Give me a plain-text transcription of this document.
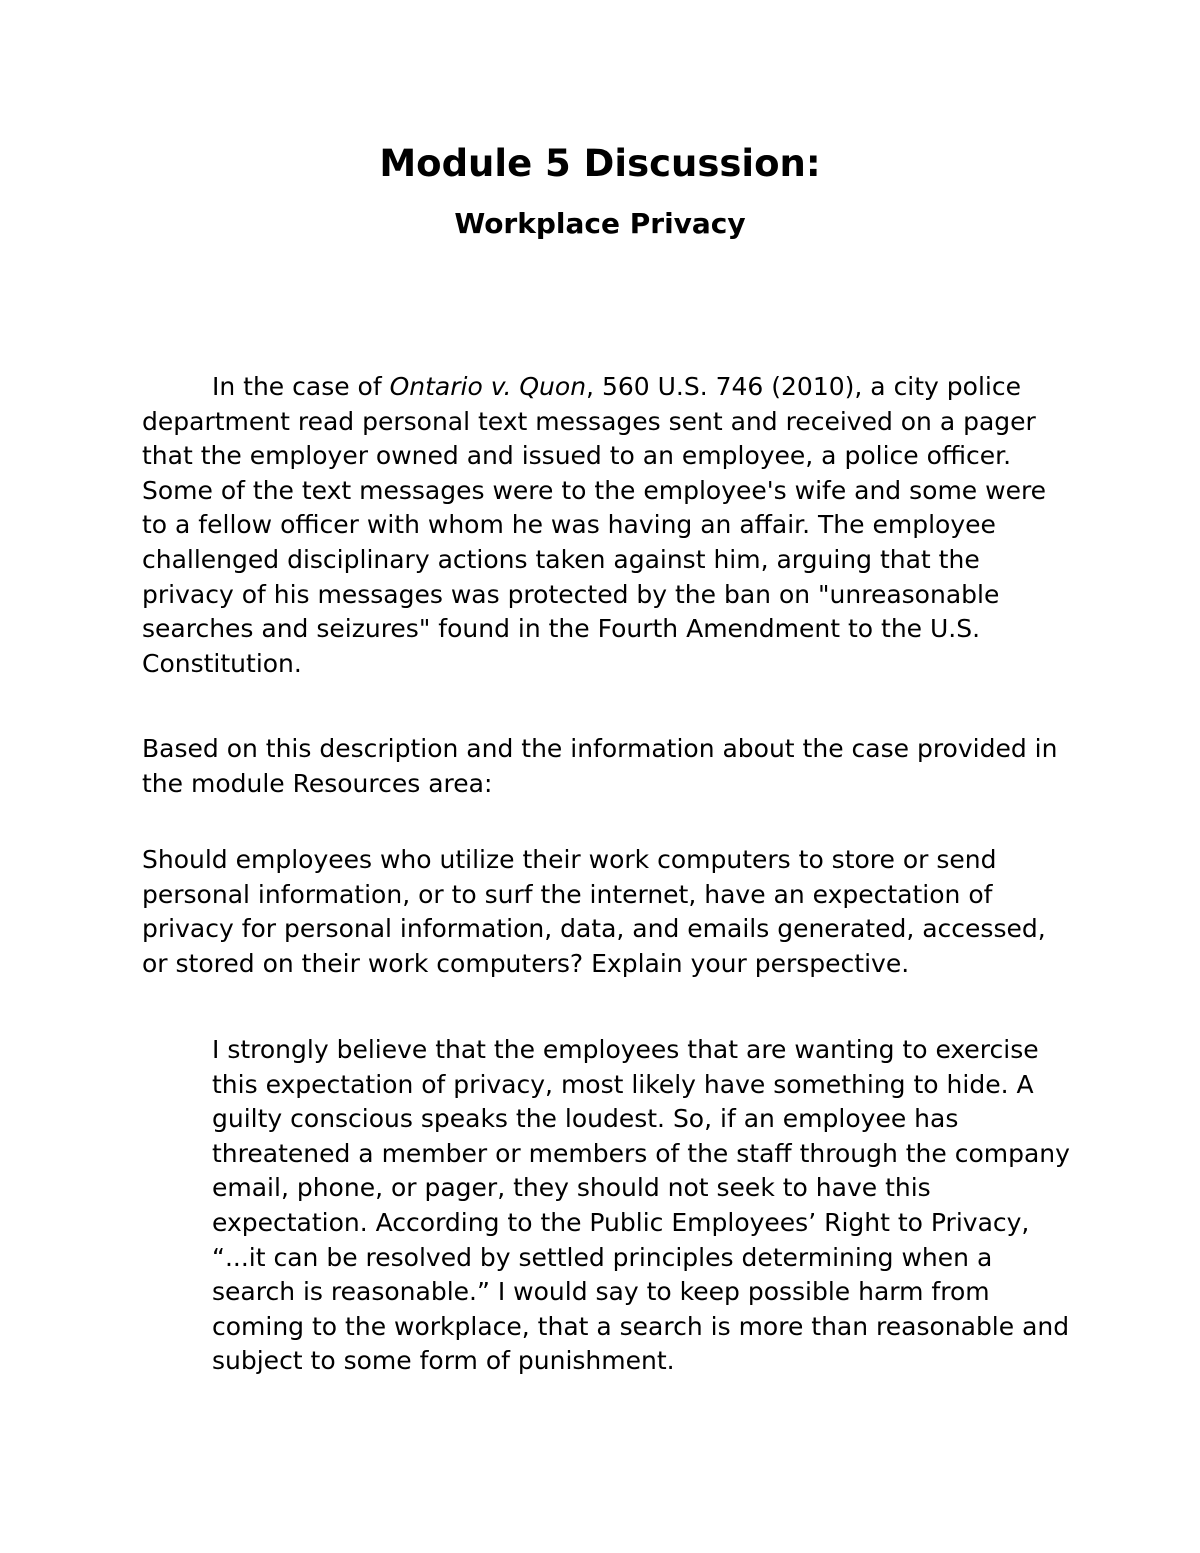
Module 5 Discussion:
Workplace Privacy

In the case of Ontario v. Quon, 560 U.S. 746 (2010), a city police department read personal text messages sent and received on a pager that the employer owned and issued to an employee, a police officer. Some of the text messages were to the employee's wife and some were to a fellow officer with whom he was having an affair. The employee challenged disciplinary actions taken against him, arguing that the privacy of his messages was protected by the ban on "unreasonable searches and seizures" found in the Fourth Amendment to the U.S. Constitution.

Based on this description and the information about the case provided in the module Resources area:

Should employees who utilize their work computers to store or send personal information, or to surf the internet, have an expectation of privacy for personal information, data, and emails generated, accessed, or stored on their work computers? Explain your perspective.

I strongly believe that the employees that are wanting to exercise this expectation of privacy, most likely have something to hide. A guilty conscious speaks the loudest. So, if an employee has threatened a member or members of the staff through the company email, phone, or pager, they should not seek to have this expectation. According to the Public Employees’ Right to Privacy, “...it can be resolved by settled principles determining when a search is reasonable.” I would say to keep possible harm from coming to the workplace, that a search is more than reasonable and subject to some form of punishment.
